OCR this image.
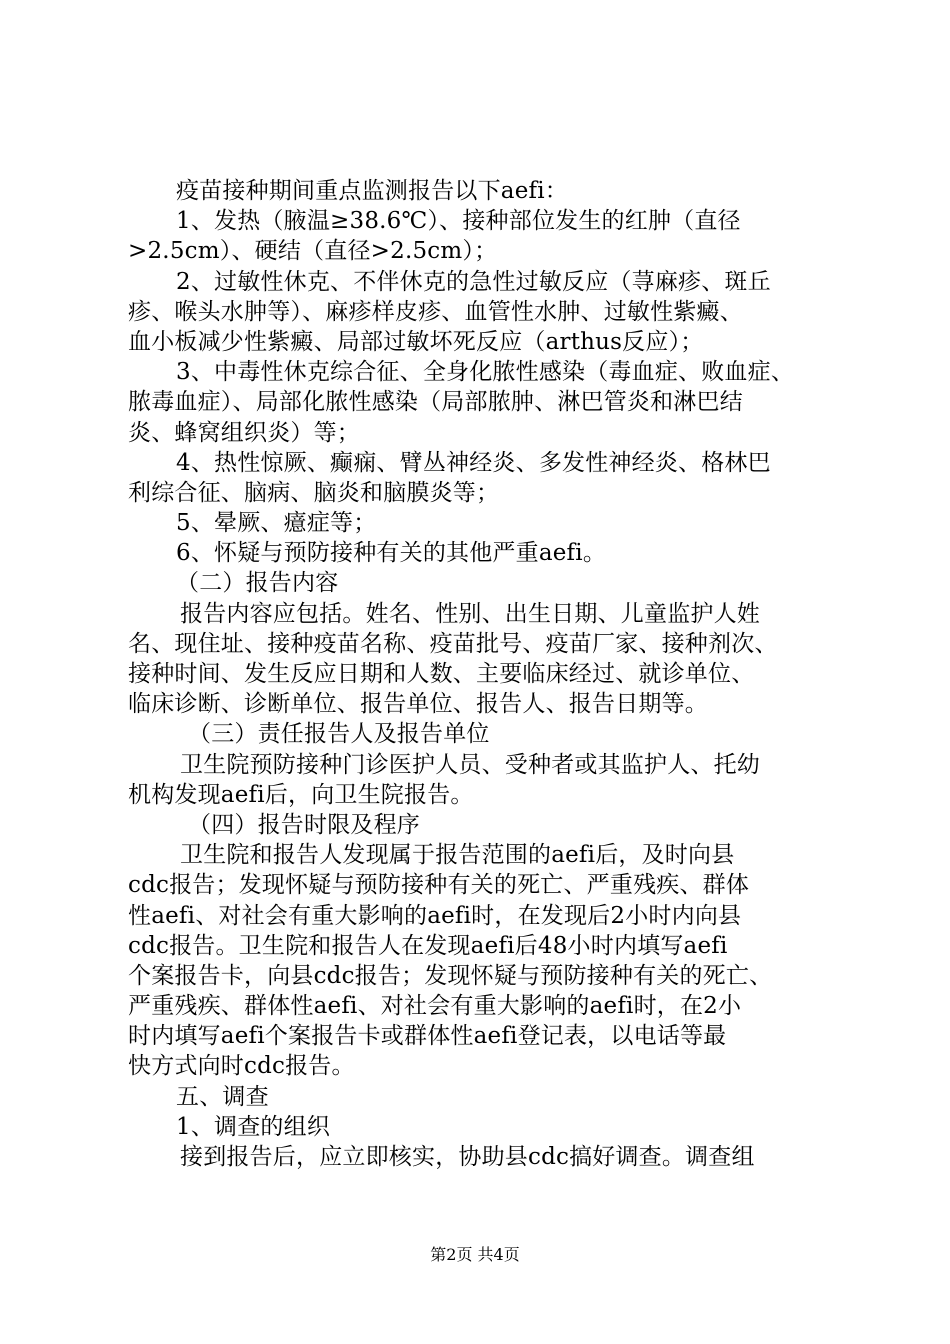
疫苗接种期间重点监测报告以下aefi：
1、发热（腋温≥38.6℃）、接种部位发生的红肿（直径
>2.5cm）、硬结（直径>2.5cm）；
2、过敏性休克、不伴休克的急性过敏反应（荨麻疹、斑丘
疹、喉头水肿等）、麻疹样皮疹、血管性水肿、过敏性紫癜、
血小板减少性紫癜、局部过敏坏死反应（arthus反应）；
3、中毒性休克综合征、全身化脓性感染（毒血症、败血症、
脓毒血症）、局部化脓性感染（局部脓肿、淋巴管炎和淋巴结
炎、蜂窝组织炎）等；
4、热性惊厥、癫痫、臂丛神经炎、多发性神经炎、格林巴
利综合征、脑病、脑炎和脑膜炎等；
5、晕厥、癔症等；
6、怀疑与预防接种有关的其他严重aefi。
（二）报告内容
报告内容应包括。姓名、性别、出生日期、儿童监护人姓
名、现住址、接种疫苗名称、疫苗批号、疫苗厂家、接种剂次、
接种时间、发生反应日期和人数、主要临床经过、就诊单位、
临床诊断、诊断单位、报告单位、报告人、报告日期等。
（三）责任报告人及报告单位
卫生院预防接种门诊医护人员、受种者或其监护人、托幼
机构发现aefi后，向卫生院报告。
（四）报告时限及程序
卫生院和报告人发现属于报告范围的aefi后，及时向县
cdc报告；发现怀疑与预防接种有关的死亡、严重残疾、群体
性aefi、对社会有重大影响的aefi时，在发现后2小时内向县
cdc报告。卫生院和报告人在发现aefi后48小时内填写aefi
个案报告卡，向县cdc报告；发现怀疑与预防接种有关的死亡、
严重残疾、群体性aefi、对社会有重大影响的aefi时，在2小
时内填写aefi个案报告卡或群体性aefi登记表，以电话等最
快方式向时cdc报告。
五、调查
1、调查的组织
接到报告后，应立即核实，协助县cdc搞好调查。调查组
第2页 共4页
